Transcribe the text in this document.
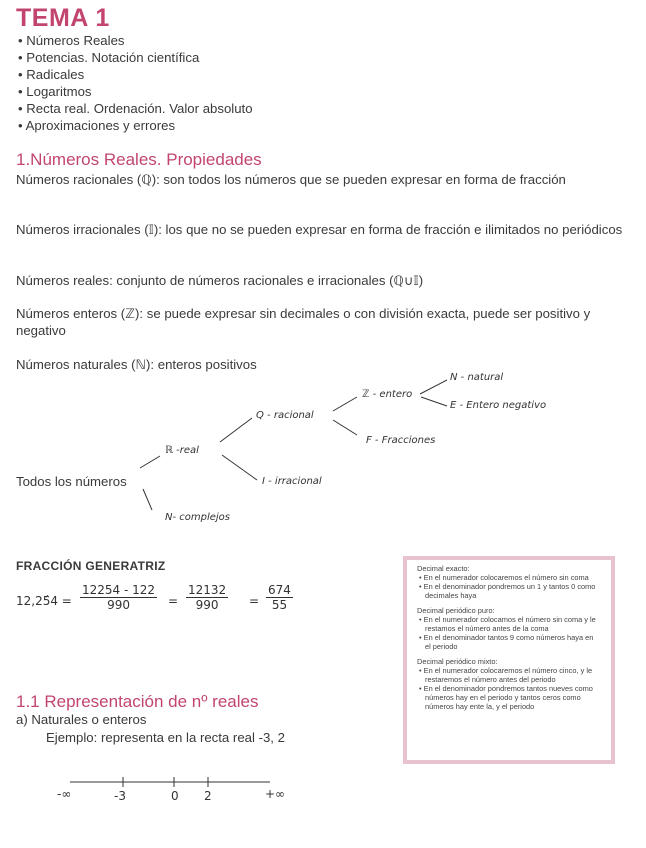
TEMA 1
• Números Reales
• Potencias. Notación científica
• Radicales
• Logaritmos
• Recta real. Ordenación. Valor absoluto
• Aproximaciones y errores
1.Números Reales. Propiedades
Números racionales (ℚ): son todos los números que se pueden expresar en forma de fracción
Números irracionales (𝕀): los que no se pueden expresar en forma de fracción e ilimitados no periódicos
Números reales: conjunto de números racionales e irracionales (ℚ∪𝕀)
Números enteros (ℤ): se puede expresar sin decimales o con división exacta, puede ser positivo y negativo
Números naturales (ℕ): enteros positivos
Todos los números
ℝ -real
N- complejos
Q - racional
I - irracional
ℤ - entero
F - Fracciones
N - natural
E - Entero negativo
FRACCIÓN GENERATRIZ
12,25̂4 = $\frac{12254 - 122}{990} = \frac{12132}{990} = \frac{674}{55}$
Decimal exacto:
• En el numerador colocaremos el número sin coma
• En el denominador pondremos un 1 y tantos 0 como decimales haya
Decimal periódico puro:
• En el numerador colocamos el número sin coma y le restamos el número antes de la coma
• En el denominador tantos 9 como números haya en el periodo
Decimal periódico mixto:
• En el numerador colocaremos el número cinco, y le restaremos el número antes del periodo
• En el denominador pondremos tantos nueves como números hay en el periodo y tantos ceros como números hay ente la, y el periodo
1.1 Representación de nº reales
a) Naturales o enteros
Ejemplo: representa en la recta real -3, 2
-∞	-3	0 2	+∞
